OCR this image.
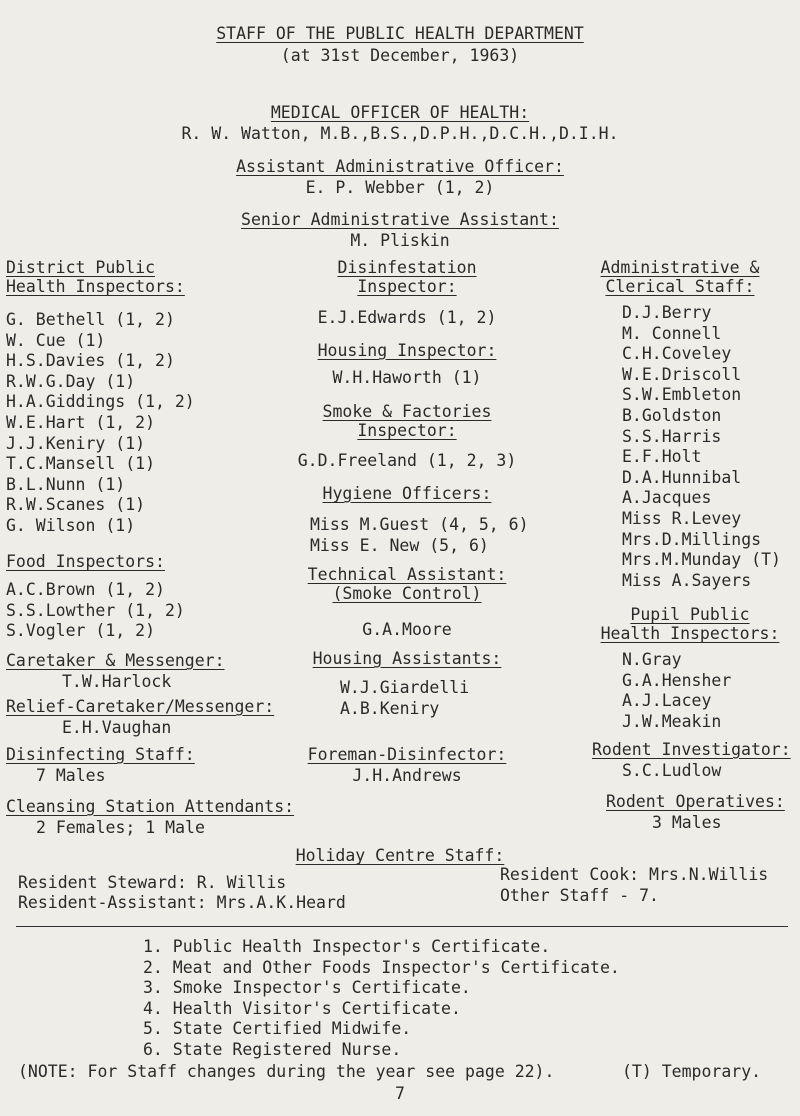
STAFF OF THE PUBLIC HEALTH DEPARTMENT
(at 31st December, 1963)
MEDICAL OFFICER OF HEALTH:
R. W. Watton, M.B.,B.S.,D.P.H.,D.C.H.,D.I.H.
Assistant Administrative Officer:
E. P. Webber (1, 2)
Senior Administrative Assistant:
M. Pliskin
District Public
Health Inspectors:
G. Bethell (1, 2)
W. Cue (1)
H.S.Davies (1, 2)
R.W.G.Day (1)
H.A.Giddings (1, 2)
W.E.Hart (1, 2)
J.J.Keniry (1)
T.C.Mansell (1)
B.L.Nunn (1)
R.W.Scanes (1)
G. Wilson (1)
Food Inspectors:
A.C.Brown (1, 2)
S.S.Lowther (1, 2)
S.Vogler (1, 2)
Caretaker & Messenger:
T.W.Harlock
Relief-Caretaker/Messenger:
E.H.Vaughan
Disinfecting Staff:
7 Males
Cleansing Station Attendants:
2 Females; 1 Male
Disinfestation
Inspector:
E.J.Edwards (1, 2)
Housing Inspector:
W.H.Haworth (1)
Smoke & Factories
Inspector:
G.D.Freeland (1, 2, 3)
Hygiene Officers:
Miss M.Guest (4, 5, 6)
Miss E. New (5, 6)
Technical Assistant:
(Smoke Control)
G.A.Moore
Housing Assistants:
W.J.Giardelli
A.B.Keniry
Foreman-Disinfector:
J.H.Andrews
Administrative &
Clerical Staff:
D.J.Berry
M. Connell
C.H.Coveley
W.E.Driscoll
S.W.Embleton
B.Goldston
S.S.Harris
E.F.Holt
D.A.Hunnibal
A.Jacques
Miss R.Levey
Mrs.D.Millings
Mrs.M.Munday (T)
Miss A.Sayers
Pupil Public
Health Inspectors:
N.Gray
G.A.Hensher
A.J.Lacey
J.W.Meakin
Rodent Investigator:
S.C.Ludlow
Rodent Operatives:
3 Males
Holiday Centre Staff:
Resident Steward: R. Willis
Resident-Assistant: Mrs.A.K.Heard
Resident Cook: Mrs.N.Willis
Other Staff - 7.
1. Public Health Inspector's Certificate.
2. Meat and Other Foods Inspector's Certificate.
3. Smoke Inspector's Certificate.
4. Health Visitor's Certificate.
5. State Certified Midwife.
6. State Registered Nurse.
(NOTE: For Staff changes during the year see page 22).	(T) Temporary.
7
